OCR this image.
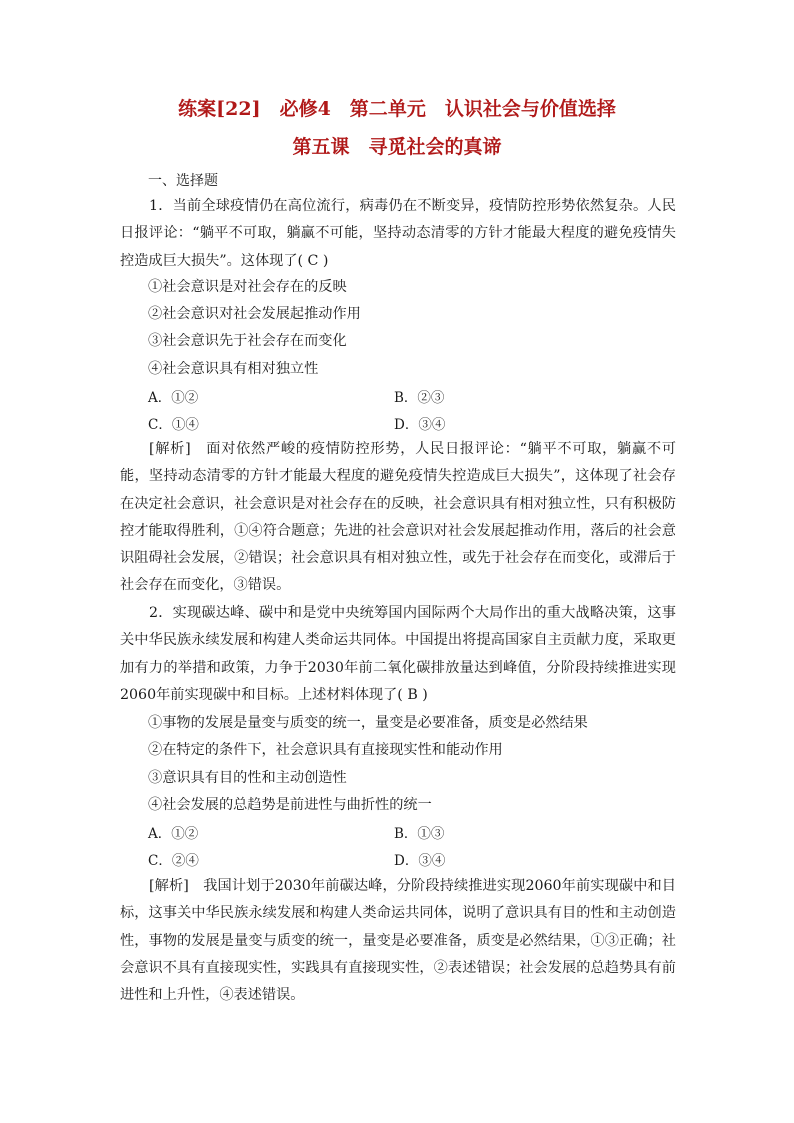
练案[22]　必修4　第二单元　认识社会与价值选择
第五课　寻觅社会的真谛
一、选择题
1．当前全球疫情仍在高位流行，病毒仍在不断变异，疫情防控形势依然复杂。人民日报评论：“躺平不可取，躺赢不可能，坚持动态清零的方针才能最大程度的避免疫情失控造成巨大损失”。这体现了( C )
①社会意识是对社会存在的反映
②社会意识对社会发展起推动作用
③社会意识先于社会存在而变化
④社会意识具有相对独立性
A．①②	B．②③
C．①④	D．③④
[解析]　面对依然严峻的疫情防控形势，人民日报评论：“躺平不可取，躺赢不可能，坚持动态清零的方针才能最大程度的避免疫情失控造成巨大损失”，这体现了社会存在决定社会意识，社会意识是对社会存在的反映，社会意识具有相对独立性，只有积极防控才能取得胜利，①④符合题意；先进的社会意识对社会发展起推动作用，落后的社会意识阻碍社会发展，②错误；社会意识具有相对独立性，或先于社会存在而变化，或滞后于社会存在而变化，③错误。
2．实现碳达峰、碳中和是党中央统筹国内国际两个大局作出的重大战略决策，这事关中华民族永续发展和构建人类命运共同体。中国提出将提高国家自主贡献力度，采取更加有力的举措和政策，力争于2030年前二氧化碳排放量达到峰值，分阶段持续推进实现2060年前实现碳中和目标。上述材料体现了( B )
①事物的发展是量变与质变的统一，量变是必要准备，质变是必然结果
②在特定的条件下，社会意识具有直接现实性和能动作用
③意识具有目的性和主动创造性
④社会发展的总趋势是前进性与曲折性的统一
A．①②	B．①③
C．②④	D．③④
[解析]　我国计划于2030年前碳达峰，分阶段持续推进实现2060年前实现碳中和目标，这事关中华民族永续发展和构建人类命运共同体，说明了意识具有目的性和主动创造性，事物的发展是量变与质变的统一，量变是必要准备，质变是必然结果，①③正确；社会意识不具有直接现实性，实践具有直接现实性，②表述错误；社会发展的总趋势具有前进性和上升性，④表述错误。
